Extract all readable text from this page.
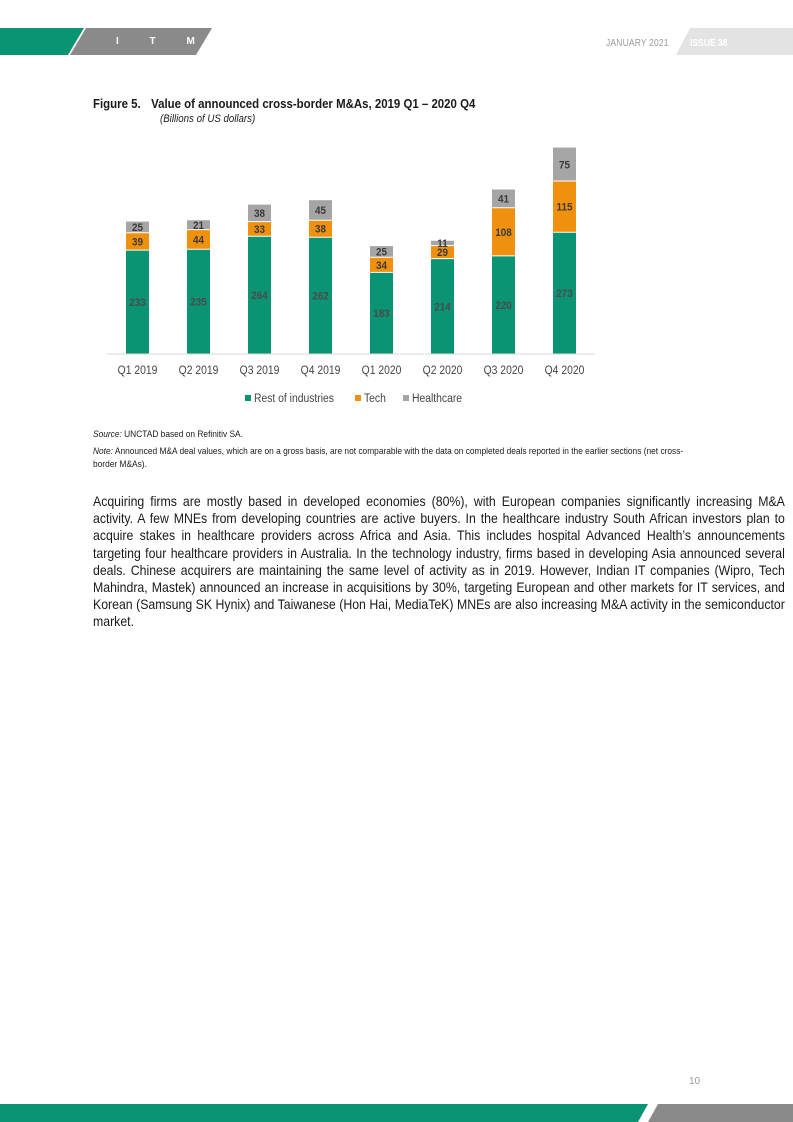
I T M	JANUARY 2021 ISSUE 38
Figure 5. Value of announced cross-border M&As, 2019 Q1 – 2020 Q4
(Billions of US dollars)
233
39
25
Q1 2019
235
44
21
Q2 2019
264
33
38
Q3 2019
262
38
45
Q4 2019
183
34
25
Q1 2020
214
29
11
Q2 2020
220
108
41
Q3 2020
273
115
75
Q4 2020
Rest of industries	Tech Healthcare
Source: UNCTAD based on Refinitiv SA.
Note: Announced M&A deal values, which are on a gross basis, are not comparable with the data on completed deals reported in the earlier sections (net cross-border M&As).
Acquiring firms are mostly based in developed economies (80%), with European companies significantly increasing M&A activity. A few MNEs from developing countries are active buyers. In the healthcare industry South African investors plan to acquire stakes in healthcare providers across Africa and Asia. This includes hospital Advanced Health’s announcements targeting four healthcare providers in Australia. In the technology industry, firms based in developing Asia announced several deals. Chinese acquirers are maintaining the same level of activity as in 2019. However, Indian IT companies (Wipro, Tech Mahindra, Mastek) announced an increase in acquisitions by 30%, targeting European and other markets for IT services, and Korean (Samsung SK Hynix) and Taiwanese (Hon Hai, MediaTeK) MNEs are also increasing M&A activity in the semiconductor market.
10
